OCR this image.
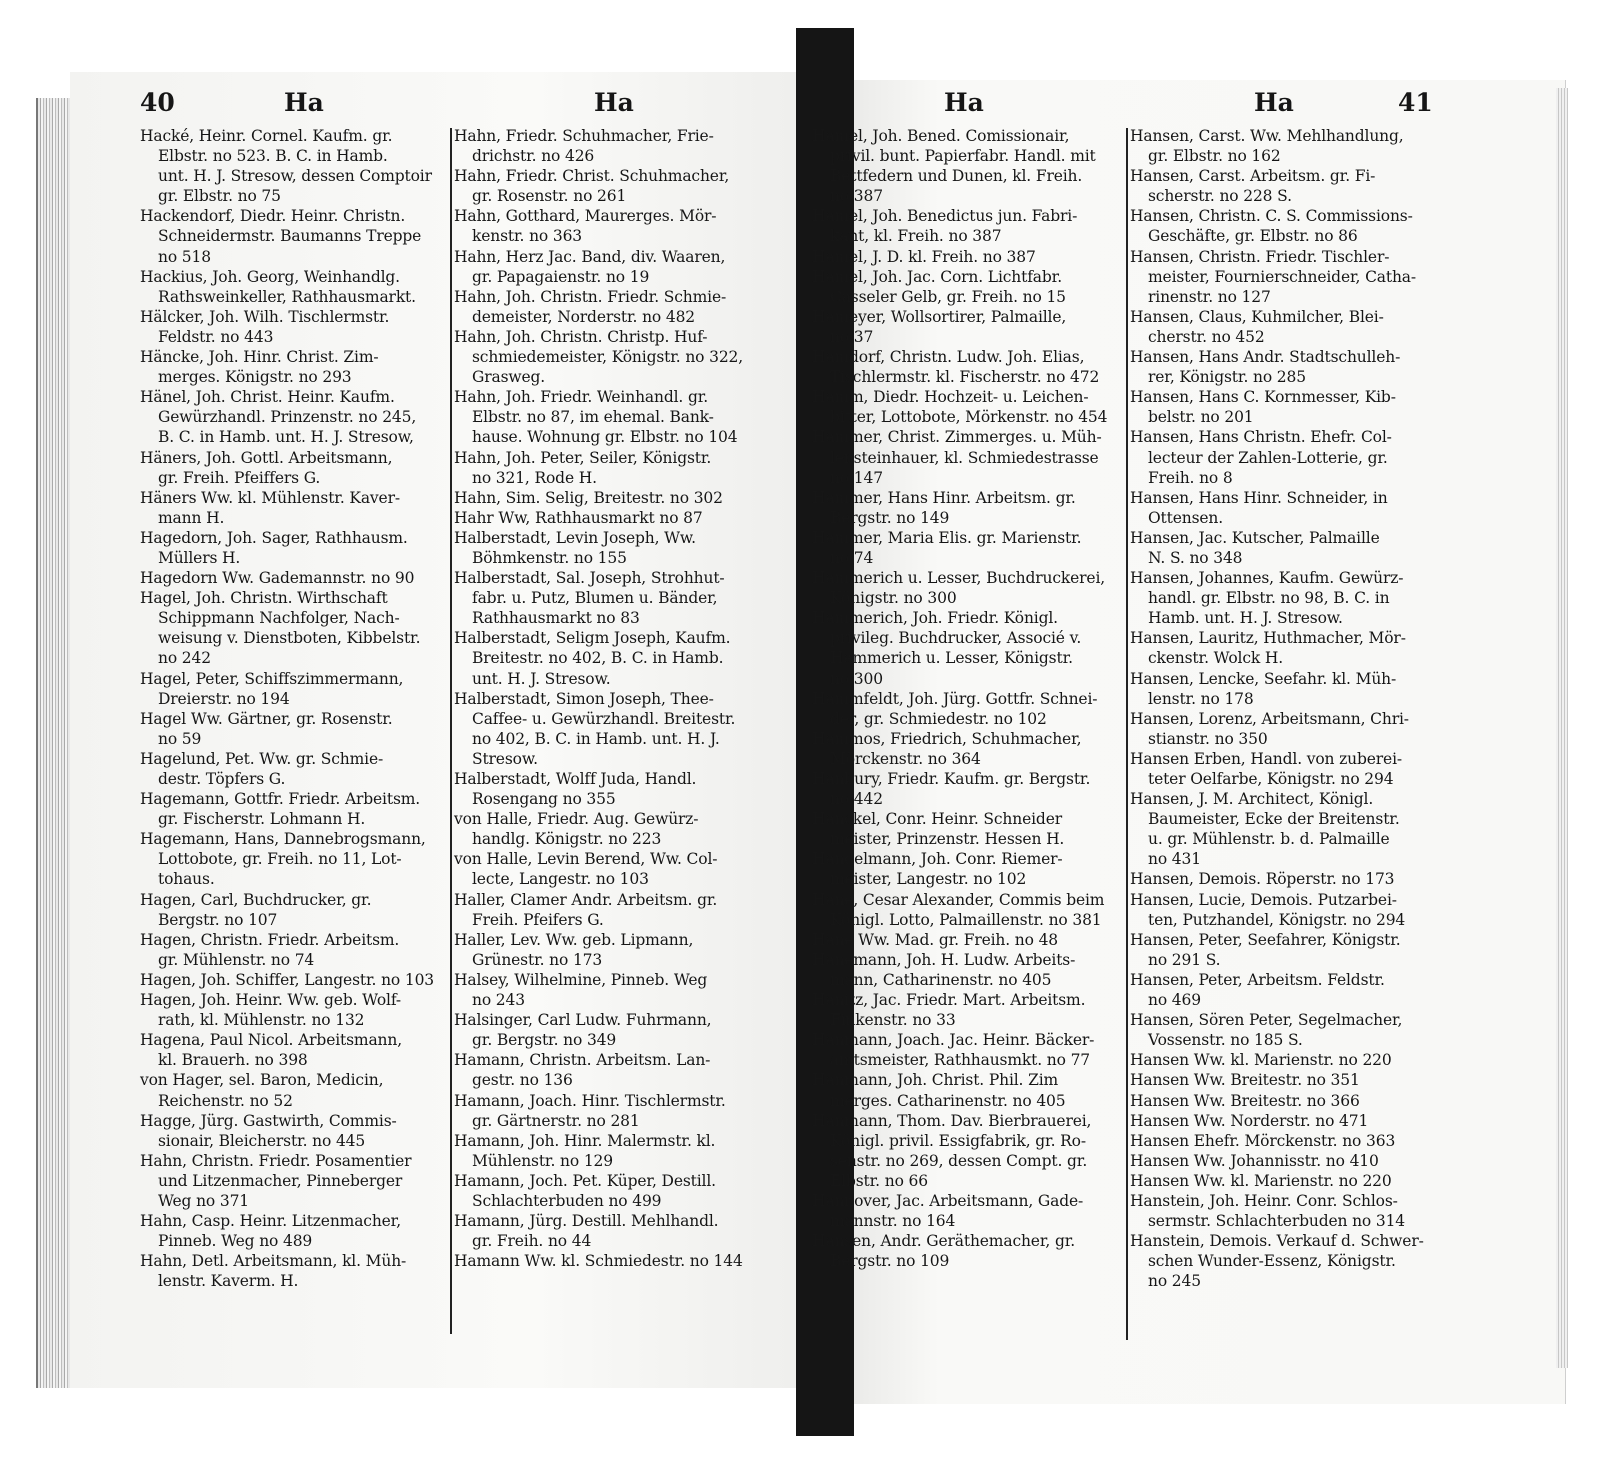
40	Ha	Ha	Ha	Ha	41
Hacké, Heinr. Cornel. Kaufm. gr.
Elbstr. no 523. B. C. in Hamb.
unt. H. J. Stresow, dessen Comptoir
gr. Elbstr. no 75
Hackendorf, Diedr. Heinr. Christn.
Schneidermstr. Baumanns Treppe
no 518
Hackius, Joh. Georg, Weinhandlg.
Rathsweinkeller, Rathhausmarkt.
Hälcker, Joh. Wilh. Tischlermstr.
Feldstr. no 443
Häncke, Joh. Hinr. Christ. Zim-
merges. Königstr. no 293
Hänel, Joh. Christ. Heinr. Kaufm.
Gewürzhandl. Prinzenstr. no 245,
B. C. in Hamb. unt. H. J. Stresow,
Häners, Joh. Gottl. Arbeitsmann,
gr. Freih. Pfeiffers G.
Häners Ww. kl. Mühlenstr. Kaver-
mann H.
Hagedorn, Joh. Sager, Rathhausm.
Müllers H.
Hagedorn Ww. Gademannstr. no 90
Hagel, Joh. Christn. Wirthschaft
Schippmann Nachfolger, Nach-
weisung v. Dienstboten, Kibbelstr.
no 242
Hagel, Peter, Schiffszimmermann,
Dreierstr. no 194
Hagel Ww. Gärtner, gr. Rosenstr.
no 59
Hagelund, Pet. Ww. gr. Schmie-
destr. Töpfers G.
Hagemann, Gottfr. Friedr. Arbeitsm.
gr. Fischerstr. Lohmann H.
Hagemann, Hans, Dannebrogsmann,
Lottobote, gr. Freih. no 11, Lot-
tohaus.
Hagen, Carl, Buchdrucker, gr.
Bergstr. no 107
Hagen, Christn. Friedr. Arbeitsm.
gr. Mühlenstr. no 74
Hagen, Joh. Schiffer, Langestr. no 103
Hagen, Joh. Heinr. Ww. geb. Wolf-
rath, kl. Mühlenstr. no 132
Hagena, Paul Nicol. Arbeitsmann,
kl. Brauerh. no 398
von Hager, sel. Baron, Medicin,
Reichenstr. no 52
Hagge, Jürg. Gastwirth, Commis-
sionair, Bleicherstr. no 445
Hahn, Christn. Friedr. Posamentier
und Litzenmacher, Pinneberger
Weg no 371
Hahn, Casp. Heinr. Litzenmacher,
Pinneb. Weg no 489
Hahn, Detl. Arbeitsmann, kl. Müh-
lenstr. Kaverm. H.
Hahn, Friedr. Schuhmacher, Frie-
drichstr. no 426
Hahn, Friedr. Christ. Schuhmacher,
gr. Rosenstr. no 261
Hahn, Gotthard, Maurerges. Mör-
kenstr. no 363
Hahn, Herz Jac. Band, div. Waaren,
gr. Papagaienstr. no 19
Hahn, Joh. Christn. Friedr. Schmie-
demeister, Norderstr. no 482
Hahn, Joh. Christn. Christp. Huf-
schmiedemeister, Königstr. no 322,
Grasweg.
Hahn, Joh. Friedr. Weinhandl. gr.
Elbstr. no 87, im ehemal. Bank-
hause. Wohnung gr. Elbstr. no 104
Hahn, Joh. Peter, Seiler, Königstr.
no 321, Rode H.
Hahn, Sim. Selig, Breitestr. no 302
Hahr Ww, Rathhausmarkt no 87
Halberstadt, Levin Joseph, Ww.
Böhmkenstr. no 155
Halberstadt, Sal. Joseph, Strohhut-
fabr. u. Putz, Blumen u. Bänder,
Rathhausmarkt no 83
Halberstadt, Seligm Joseph, Kaufm.
Breitestr. no 402, B. C. in Hamb.
unt. H. J. Stresow.
Halberstadt, Simon Joseph, Thee-
Caffee- u. Gewürzhandl. Breitestr.
no 402, B. C. in Hamb. unt. H. J.
Stresow.
Halberstadt, Wolff Juda, Handl.
Rosengang no 355
von Halle, Friedr. Aug. Gewürz-
handlg. Königstr. no 223
von Halle, Levin Berend, Ww. Col-
lecte, Langestr. no 103
Haller, Clamer Andr. Arbeitsm. gr.
Freih. Pfeifers G.
Haller, Lev. Ww. geb. Lipmann,
Grünestr. no 173
Halsey, Wilhelmine, Pinneb. Weg
no 243
Halsinger, Carl Ludw. Fuhrmann,
gr. Bergstr. no 349
Hamann, Christn. Arbeitsm. Lan-
gestr. no 136
Hamann, Joach. Hinr. Tischlermstr.
gr. Gärtnerstr. no 281
Hamann, Joh. Hinr. Malermstr. kl.
Mühlenstr. no 129
Hamann, Joch. Pet. Küper, Destill.
Schlachterbuden no 499
Hamann, Jürg. Destill. Mehlhandl.
gr. Freih. no 44
Hamann Ww. kl. Schmiedestr. no 144
Hamel, Joh. Bened. Comissionair,
privil. bunt. Papierfabr. Handl. mit
Bettfedern und Dunen, kl. Freih.
no 387
Hamel, Joh. Benedictus jun. Fabri-
kant, kl. Freih. no 387
Hamel, J. D. kl. Freih. no 387
Hamel, Joh. Jac. Corn. Lichtfabr.
Casseler Gelb, gr. Freih. no 15
Hameyer, Wollsortirer, Palmaille,
no 37
Hamdorf, Christn. Ludw. Joh. Elias,
Tischlermstr. kl. Fischerstr. no 472
Hamm, Diedr. Hochzeit- u. Leichen-
bitter, Lottobote, Mörkenstr. no 454
Hammer, Christ. Zimmerges. u. Müh-
lensteinhauer, kl. Schmiedestrasse
no 147
Hammer, Hans Hinr. Arbeitsm. gr.
Bergstr. no 149
Hammer, Maria Elis. gr. Marienstr.
no 74
Hammerich u. Lesser, Buchdruckerei,
Königstr. no 300
Hammerich, Joh. Friedr. Königl.
privileg. Buchdrucker, Associé v.
Hammerich u. Lesser, Königstr.
no 300
Hammfeldt, Joh. Jürg. Gottfr. Schnei-
der, gr. Schmiedestr. no 102
Hammos, Friedrich, Schuhmacher,
Mörckenstr. no 364
Hanbury, Friedr. Kaufm. gr. Bergstr.
no 442
Hanckel, Conr. Heinr. Schneider
meister, Prinzenstr. Hessen H.
Handelmann, Joh. Conr. Riemer-
meister, Langestr. no 102
Hane, Cesar Alexander, Commis beim
Königl. Lotto, Palmaillenstr. no 381
Hane Ww. Mad. gr. Freih. no 48
Hanemann, Joh. H. Ludw. Arbeits-
mann, Catharinenstr. no 405
Hanitz, Jac. Friedr. Mart. Arbeitsm.
Finkenstr. no 33
Hanmann, Joach. Jac. Heinr. Bäcker-
amtsmeister, Rathhausmkt. no 77
Hanmann, Joh. Christ. Phil. Zim
merges. Catharinenstr. no 405
Hanmann, Thom. Dav. Bierbrauerei,
Königl. privil. Essigfabrik, gr. Ro-
senstr. no 269, dessen Compt. gr.
Elbstr. no 66
Hannover, Jac. Arbeitsmann, Gade-
mannstr. no 164
Hansen, Andr. Geräthemacher, gr.
Bergstr. no 109
Hansen, Carst. Ww. Mehlhandlung,
gr. Elbstr. no 162
Hansen, Carst. Arbeitsm. gr. Fi-
scherstr. no 228 S.
Hansen, Christn. C. S. Commissions-
Geschäfte, gr. Elbstr. no 86
Hansen, Christn. Friedr. Tischler-
meister, Fournierschneider, Catha-
rinenstr. no 127
Hansen, Claus, Kuhmilcher, Blei-
cherstr. no 452
Hansen, Hans Andr. Stadtschulleh-
rer, Königstr. no 285
Hansen, Hans C. Kornmesser, Kib-
belstr. no 201
Hansen, Hans Christn. Ehefr. Col-
lecteur der Zahlen-Lotterie, gr.
Freih. no 8
Hansen, Hans Hinr. Schneider, in
Ottensen.
Hansen, Jac. Kutscher, Palmaille
N. S. no 348
Hansen, Johannes, Kaufm. Gewürz-
handl. gr. Elbstr. no 98, B. C. in
Hamb. unt. H. J. Stresow.
Hansen, Lauritz, Huthmacher, Mör-
ckenstr. Wolck H.
Hansen, Lencke, Seefahr. kl. Müh-
lenstr. no 178
Hansen, Lorenz, Arbeitsmann, Chri-
stianstr. no 350
Hansen Erben, Handl. von zuberei-
teter Oelfarbe, Königstr. no 294
Hansen, J. M. Architect, Königl.
Baumeister, Ecke der Breitenstr.
u. gr. Mühlenstr. b. d. Palmaille
no 431
Hansen, Demois. Röperstr. no 173
Hansen, Lucie, Demois. Putzarbei-
ten, Putzhandel, Königstr. no 294
Hansen, Peter, Seefahrer, Königstr.
no 291 S.
Hansen, Peter, Arbeitsm. Feldstr.
no 469
Hansen, Sören Peter, Segelmacher,
Vossenstr. no 185 S.
Hansen Ww. kl. Marienstr. no 220
Hansen Ww. Breitestr. no 351
Hansen Ww. Breitestr. no 366
Hansen Ww. Norderstr. no 471
Hansen Ehefr. Mörckenstr. no 363
Hansen Ww. Johannisstr. no 410
Hansen Ww. kl. Marienstr. no 220
Hanstein, Joh. Heinr. Conr. Schlos-
sermstr. Schlachterbuden no 314
Hanstein, Demois. Verkauf d. Schwer-
schen Wunder-Essenz, Königstr.
no 245
